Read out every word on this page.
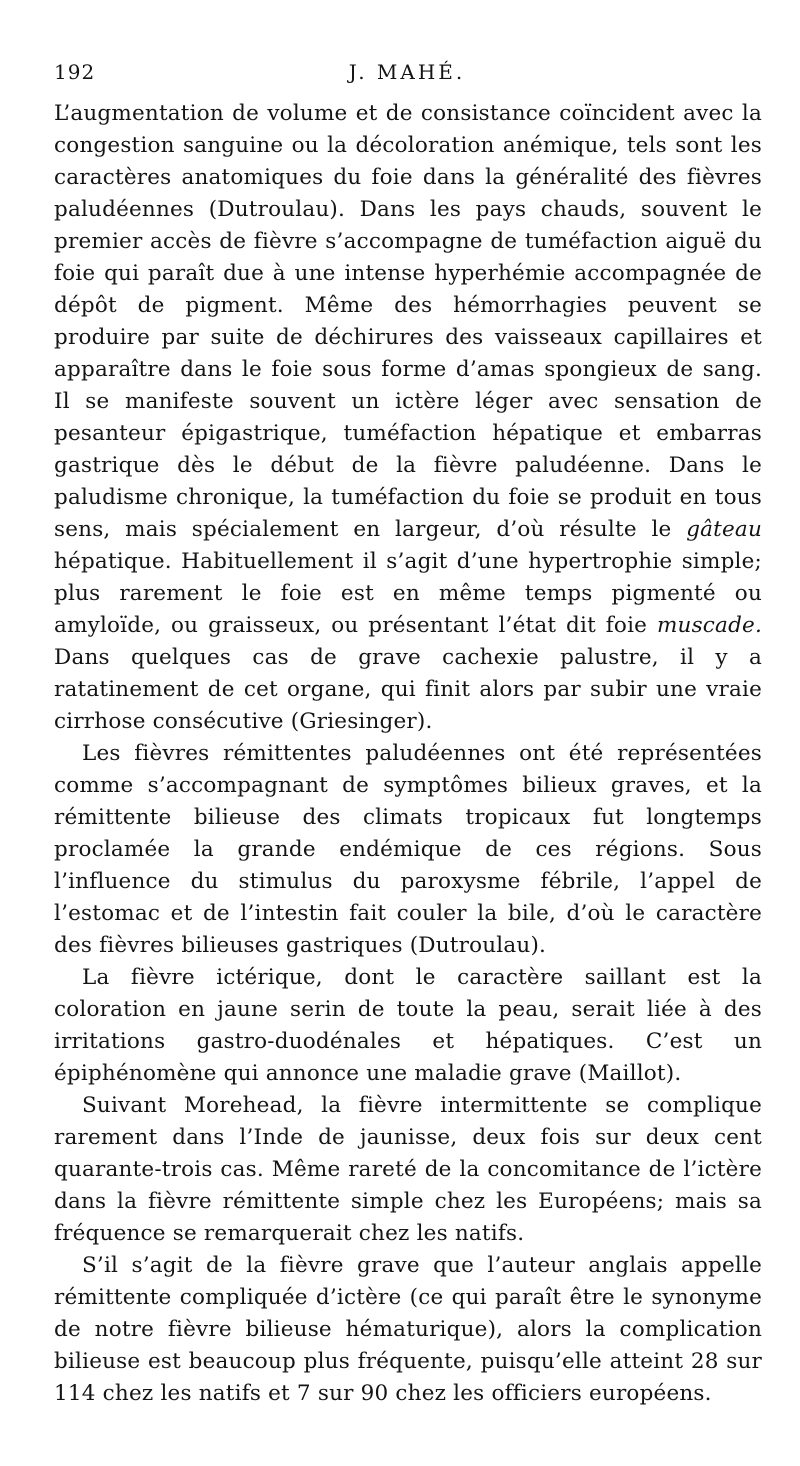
192	J. MAHÉ.

L’augmentation de volume et de consistance coïncident avec la congestion sanguine ou la décoloration anémique, tels sont les caractères anatomiques du foie dans la généralité des fièvres paludéennes (Dutroulau). Dans les pays chauds, souvent le premier accès de fièvre s’accompagne de tuméfaction aiguë du foie qui paraît due à une intense hyperhémie accompagnée de dépôt de pigment. Même des hémorrhagies peuvent se produire par suite de déchirures des vaisseaux capillaires et apparaître dans le foie sous forme d’amas spongieux de sang. Il se manifeste souvent un ictère léger avec sensation de pesanteur épigastrique, tuméfaction hépatique et embarras gastrique dès le début de la fièvre paludéenne. Dans le paludisme chronique, la tuméfaction du foie se produit en tous sens, mais spécialement en largeur, d’où résulte le gâteau hépatique. Habituellement il s’agit d’une hypertrophie simple; plus rarement le foie est en même temps pigmenté ou amyloïde, ou graisseux, ou présentant l’état dit foie muscade. Dans quelques cas de grave cachexie palustre, il y a ratatinement de cet organe, qui finit alors par subir une vraie cirrhose consécutive (Griesinger).

Les fièvres rémittentes paludéennes ont été représentées comme s’accompagnant de symptômes bilieux graves, et la rémittente bilieuse des climats tropicaux fut longtemps proclamée la grande endémique de ces régions. Sous l’influence du stimulus du paroxysme fébrile, l’appel de l’estomac et de l’intestin fait couler la bile, d’où le caractère des fièvres bilieuses gastriques (Dutroulau).

La fièvre ictérique, dont le caractère saillant est la coloration en jaune serin de toute la peau, serait liée à des irritations gastro-duodénales et hépatiques. C’est un épiphénomène qui annonce une maladie grave (Maillot).

Suivant Morehead, la fièvre intermittente se complique rarement dans l’Inde de jaunisse, deux fois sur deux cent quarante-trois cas. Même rareté de la concomitance de l’ictère dans la fièvre rémittente simple chez les Européens; mais sa fréquence se remarquerait chez les natifs.

S’il s’agit de la fièvre grave que l’auteur anglais appelle rémittente compliquée d’ictère (ce qui paraît être le synonyme de notre fièvre bilieuse hématurique), alors la complication bilieuse est beaucoup plus fréquente, puisqu’elle atteint 28 sur 114 chez les natifs et 7 sur 90 chez les officiers européens.
